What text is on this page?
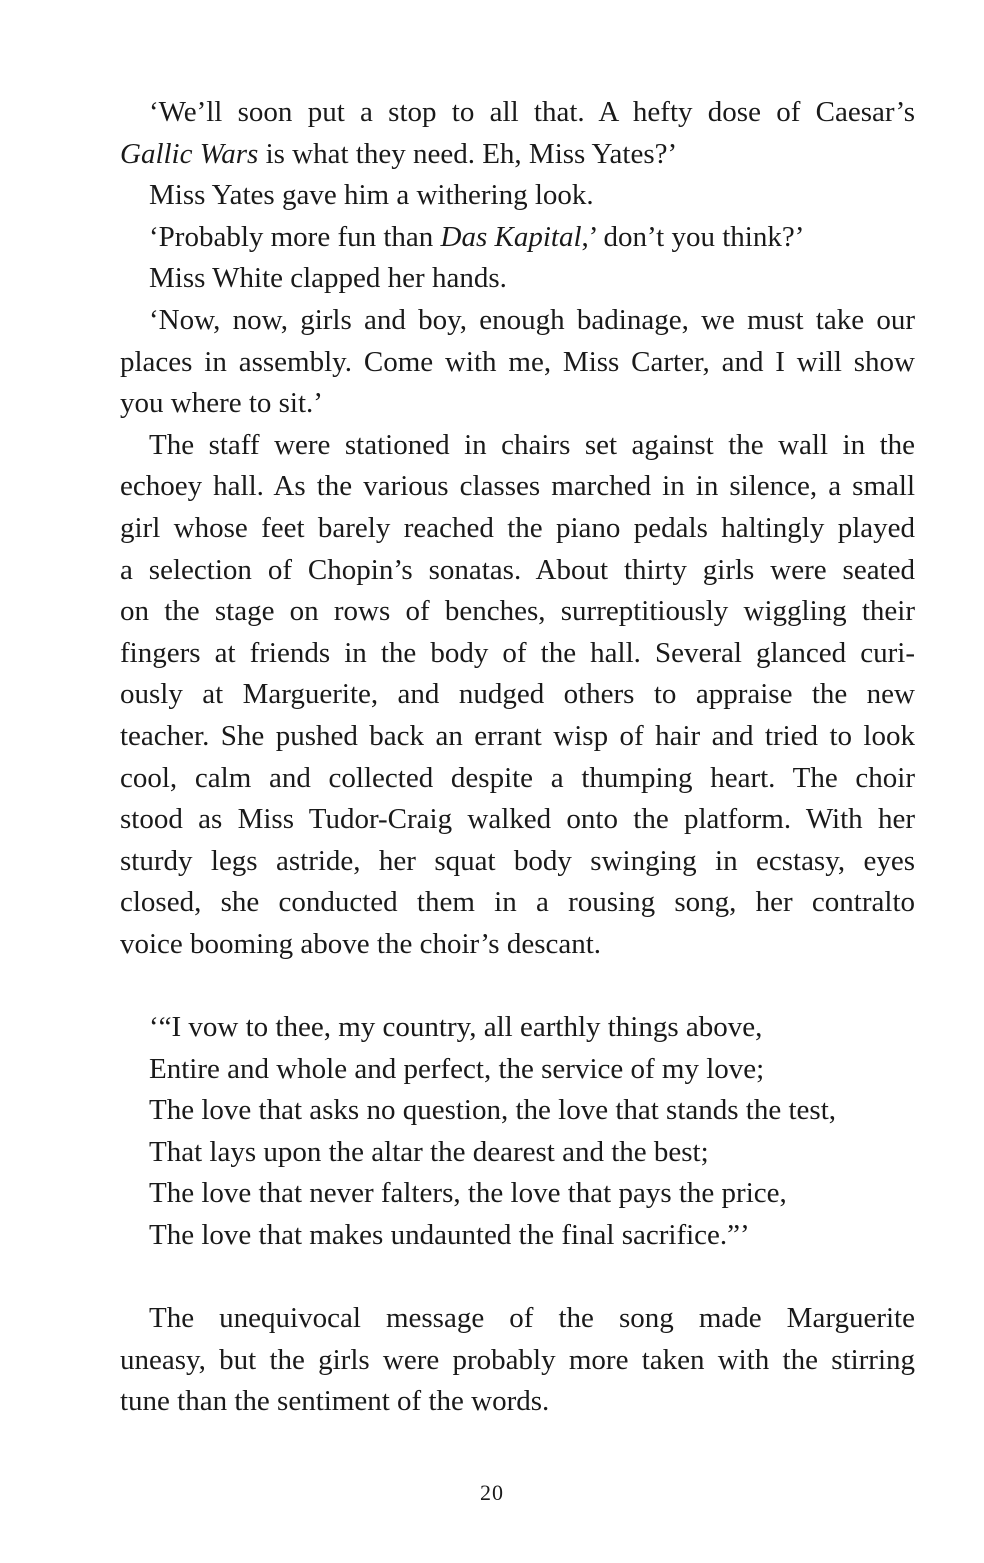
‘We’ll soon put a stop to all that. A hefty dose of Caesar’s
Gallic Wars is what they need. Eh, Miss Yates?’
Miss Yates gave him a withering look.
‘Probably more fun than Das Kapital,’ don’t you think?’
Miss White clapped her hands.
‘Now, now, girls and boy, enough badinage, we must take our
places in assembly. Come with me, Miss Carter, and I will show
you where to sit.’
The staff were stationed in chairs set against the wall in the
echoey hall. As the various classes marched in in silence, a small
girl whose feet barely reached the piano pedals haltingly played
a selection of Chopin’s sonatas. About thirty girls were seated
on the stage on rows of benches, surreptitiously wiggling their
fingers at friends in the body of the hall. Several glanced curi-
ously at Marguerite, and nudged others to appraise the new
teacher. She pushed back an errant wisp of hair and tried to look
cool, calm and collected despite a thumping heart. The choir
stood as Miss Tudor-Craig walked onto the platform. With her
sturdy legs astride, her squat body swinging in ecstasy, eyes
closed, she conducted them in a rousing song, her contralto
voice booming above the choir’s descant.
‘“I vow to thee, my country, all earthly things above,
Entire and whole and perfect, the service of my love;
The love that asks no question, the love that stands the test,
That lays upon the altar the dearest and the best;
The love that never falters, the love that pays the price,
The love that makes undaunted the final sacrifice.”’
The unequivocal message of the song made Marguerite
uneasy, but the girls were probably more taken with the stirring
tune than the sentiment of the words.
20
